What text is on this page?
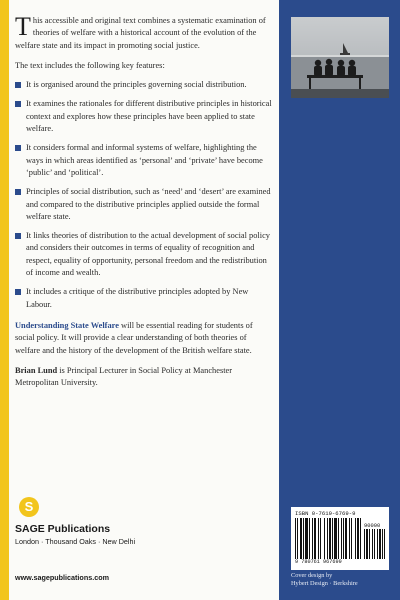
This accessible and original text combines a systematic examination of theories of welfare with a historical account of the evolution of the welfare state and its impact in promoting social justice.

The text includes the following key features:

It is organised around the principles governing social distribution.
It examines the rationales for different distributive principles in historical context and explores how these principles have been applied to state welfare.
It considers formal and informal systems of welfare, highlighting the ways in which areas identified as ‘personal’ and ‘private’ have become ‘public’ and ‘political’.
Principles of social distribution, such as ‘need’ and ‘desert’ are examined and compared to the distributive principles applied outside the formal welfare state.
It links theories of distribution to the actual development of social policy and considers their outcomes in terms of equality of recognition and respect, equality of opportunity, personal freedom and the redistribution of income and wealth.
It includes a critique of the distributive principles adopted by New Labour.

Understanding State Welfare will be essential reading for students of social policy. It will provide a clear understanding of both theories of welfare and the history of the development of the British welfare state.

Brian Lund is Principal Lecturer in Social Policy at Manchester Metropolitan University.

S
SAGE Publications
London · Thousand Oaks · New Delhi
www.sagepublications.com
ISBN 0-7619-6769-9
90000
9 780761 967699
Cover design by
Hybert Design · Berkshire
